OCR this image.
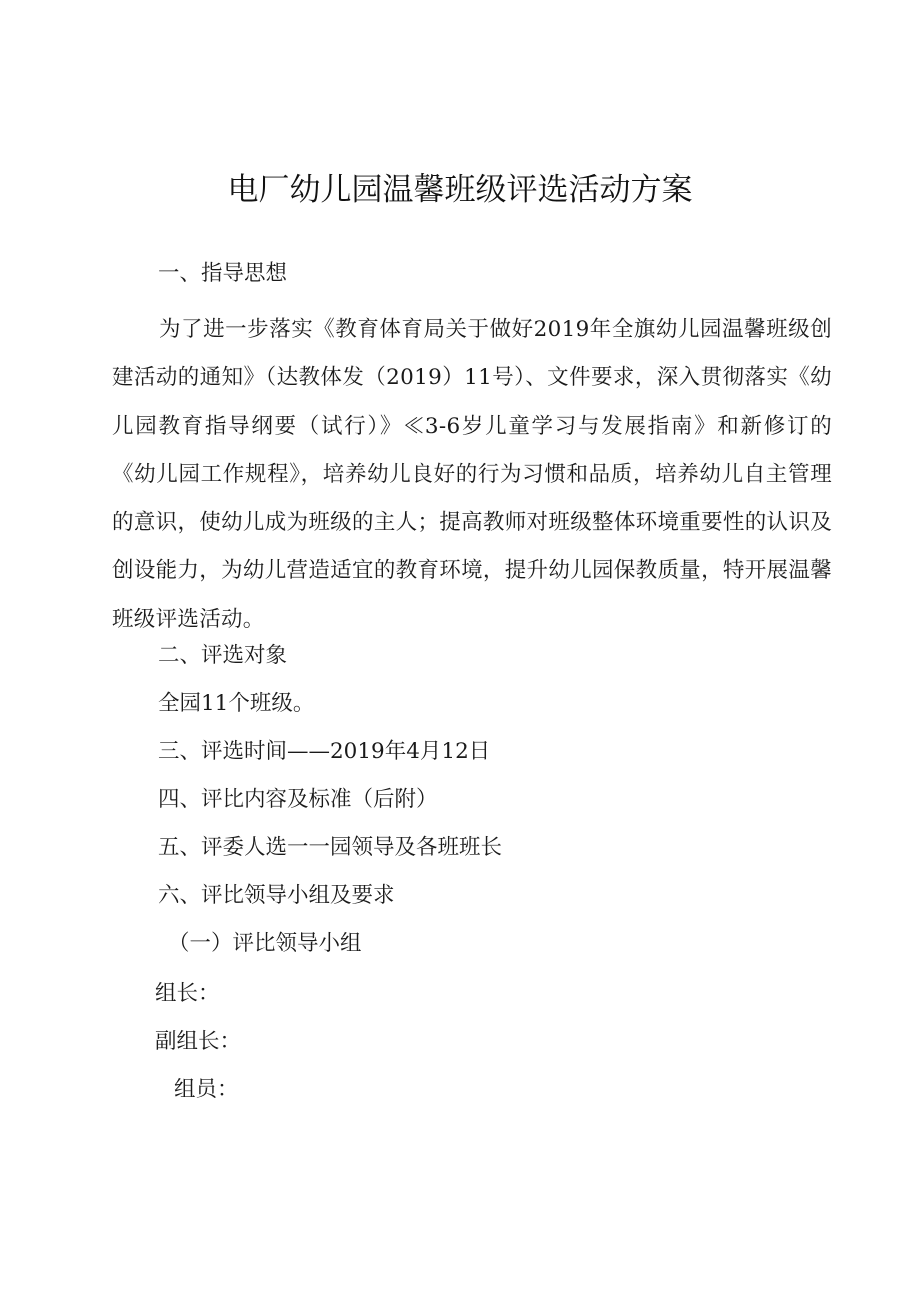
电厂幼儿园温馨班级评选活动方案
一、指导思想
为了进一步落实《教育体育局关于做好2019年全旗幼儿园温馨班级创建活动的通知》（达教体发（2019）11号）、文件要求，深入贯彻落实《幼儿园教育指导纲要（试行）》≪3-6岁儿童学习与发展指南》和新修订的《幼儿园工作规程》，培养幼儿良好的行为习惯和品质，培养幼儿自主管理的意识，使幼儿成为班级的主人；提高教师对班级整体环境重要性的认识及创设能力，为幼儿营造适宜的教育环境，提升幼儿园保教质量，特开展温馨班级评选活动。
二、评选对象
全园11个班级。
三、评选时间——2019年4月12日
四、评比内容及标准（后附）
五、评委人选一一园领导及各班班长
六、评比领导小组及要求
（一）评比领导小组
组长：
副组长：
组员：
